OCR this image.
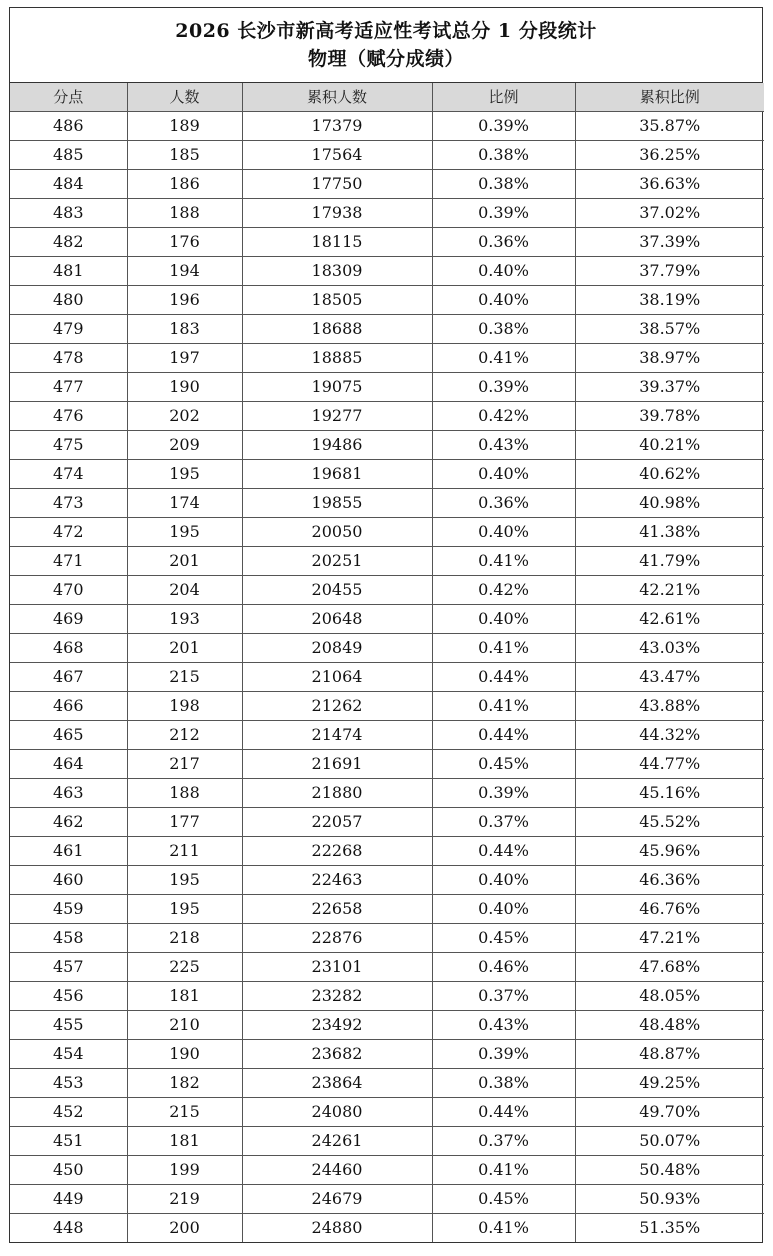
2026 长沙市新高考适应性考试总分 1 分段统计
物理（赋分成绩）
分点	人数	累积人数	比例	累积比例
486	189	17379	0.39%	35.87%
485	185	17564	0.38%	36.25%
484	186	17750	0.38%	36.63%
483	188	17938	0.39%	37.02%
482	176	18115	0.36%	37.39%
481	194	18309	0.40%	37.79%
480	196	18505	0.40%	38.19%
479	183	18688	0.38%	38.57%
478	197	18885	0.41%	38.97%
477	190	19075	0.39%	39.37%
476	202	19277	0.42%	39.78%
475	209	19486	0.43%	40.21%
474	195	19681	0.40%	40.62%
473	174	19855	0.36%	40.98%
472	195	20050	0.40%	41.38%
471	201	20251	0.41%	41.79%
470	204	20455	0.42%	42.21%
469	193	20648	0.40%	42.61%
468	201	20849	0.41%	43.03%
467	215	21064	0.44%	43.47%
466	198	21262	0.41%	43.88%
465	212	21474	0.44%	44.32%
464	217	21691	0.45%	44.77%
463	188	21880	0.39%	45.16%
462	177	22057	0.37%	45.52%
461	211	22268	0.44%	45.96%
460	195	22463	0.40%	46.36%
459	195	22658	0.40%	46.76%
458	218	22876	0.45%	47.21%
457	225	23101	0.46%	47.68%
456	181	23282	0.37%	48.05%
455	210	23492	0.43%	48.48%
454	190	23682	0.39%	48.87%
453	182	23864	0.38%	49.25%
452	215	24080	0.44%	49.70%
451	181	24261	0.37%	50.07%
450	199	24460	0.41%	50.48%
449	219	24679	0.45%	50.93%
448	200	24880	0.41%	51.35%
